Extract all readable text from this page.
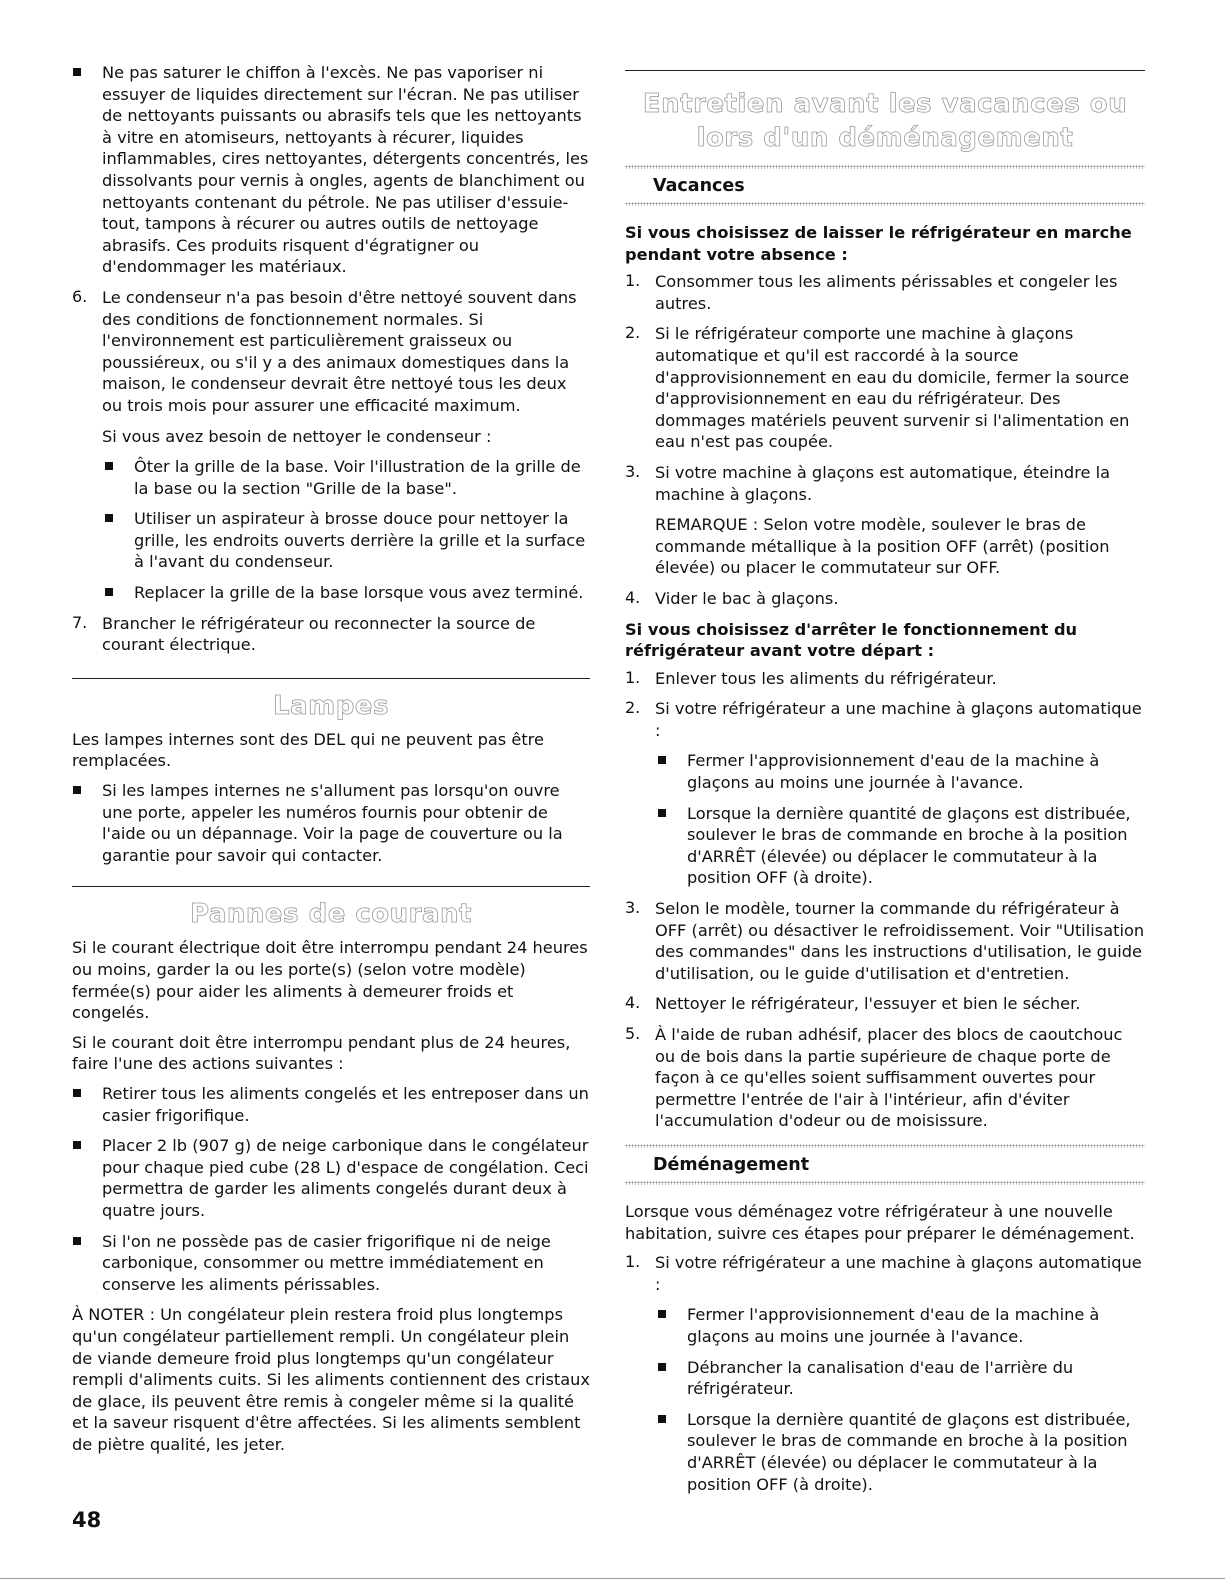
Ne pas saturer le chiffon à l'excès. Ne pas vaporiser ni essuyer de liquides directement sur l'écran. Ne pas utiliser de nettoyants puissants ou abrasifs tels que les nettoyants à vitre en atomiseurs, nettoyants à récurer, liquides inflammables, cires nettoyantes, détergents concentrés, les dissolvants pour vernis à ongles, agents de blanchiment ou nettoyants contenant du pétrole. Ne pas utiliser d'essuie-tout, tampons à récurer ou autres outils de nettoyage abrasifs. Ces produits risquent d'égratigner ou d'endommager les matériaux.

6. Le condenseur n'a pas besoin d'être nettoyé souvent dans des conditions de fonctionnement normales. Si l'environnement est particulièrement graisseux ou poussiéreux, ou s'il y a des animaux domestiques dans la maison, le condenseur devrait être nettoyé tous les deux ou trois mois pour assurer une efficacité maximum.

Si vous avez besoin de nettoyer le condenseur :

Ôter la grille de la base. Voir l'illustration de la grille de la base ou la section "Grille de la base".

Utiliser un aspirateur à brosse douce pour nettoyer la grille, les endroits ouverts derrière la grille et la surface à l'avant du condenseur.

Replacer la grille de la base lorsque vous avez terminé.

7. Brancher le réfrigérateur ou reconnecter la source de courant électrique.

Lampes

Les lampes internes sont des DEL qui ne peuvent pas être remplacées.

Si les lampes internes ne s'allument pas lorsqu'on ouvre une porte, appeler les numéros fournis pour obtenir de l'aide ou un dépannage. Voir la page de couverture ou la garantie pour savoir qui contacter.

Pannes de courant

Si le courant électrique doit être interrompu pendant 24 heures ou moins, garder la ou les porte(s) (selon votre modèle) fermée(s) pour aider les aliments à demeurer froids et congelés.

Si le courant doit être interrompu pendant plus de 24 heures, faire l'une des actions suivantes :

Retirer tous les aliments congelés et les entreposer dans un casier frigorifique.

Placer 2 lb (907 g) de neige carbonique dans le congélateur pour chaque pied cube (28 L) d'espace de congélation. Ceci permettra de garder les aliments congelés durant deux à quatre jours.

Si l'on ne possède pas de casier frigorifique ni de neige carbonique, consommer ou mettre immédiatement en conserve les aliments périssables.

À NOTER : Un congélateur plein restera froid plus longtemps qu'un congélateur partiellement rempli. Un congélateur plein de viande demeure froid plus longtemps qu'un congélateur rempli d'aliments cuits. Si les aliments contiennent des cristaux de glace, ils peuvent être remis à congeler même si la qualité et la saveur risquent d'être affectées. Si les aliments semblent de piètre qualité, les jeter.

Entretien avant les vacances ou
lors d'un déménagement
Vacances

Si vous choisissez de laisser le réfrigérateur en marche pendant votre absence :

1. Consommer tous les aliments périssables et congeler les autres.

2. Si le réfrigérateur comporte une machine à glaçons automatique et qu'il est raccordé à la source d'approvisionnement en eau du domicile, fermer la source d'approvisionnement en eau du réfrigérateur. Des dommages matériels peuvent survenir si l'alimentation en eau n'est pas coupée.

3. Si votre machine à glaçons est automatique, éteindre la machine à glaçons.

REMARQUE : Selon votre modèle, soulever le bras de commande métallique à la position OFF (arrêt) (position élevée) ou placer le commutateur sur OFF.

4. Vider le bac à glaçons.

Si vous choisissez d'arrêter le fonctionnement du réfrigérateur avant votre départ :

1. Enlever tous les aliments du réfrigérateur.

2. Si votre réfrigérateur a une machine à glaçons automatique :

Fermer l'approvisionnement d'eau de la machine à glaçons au moins une journée à l'avance.

Lorsque la dernière quantité de glaçons est distribuée, soulever le bras de commande en broche à la position d'ARRÊT (élevée) ou déplacer le commutateur à la position OFF (à droite).

3. Selon le modèle, tourner la commande du réfrigérateur à OFF (arrêt) ou désactiver le refroidissement. Voir "Utilisation des commandes" dans les instructions d'utilisation, le guide d'utilisation, ou le guide d'utilisation et d'entretien.

4. Nettoyer le réfrigérateur, l'essuyer et bien le sécher.

5. À l'aide de ruban adhésif, placer des blocs de caoutchouc ou de bois dans la partie supérieure de chaque porte de façon à ce qu'elles soient suffisamment ouvertes pour permettre l'entrée de l'air à l'intérieur, afin d'éviter l'accumulation d'odeur ou de moisissure.

Déménagement

Lorsque vous déménagez votre réfrigérateur à une nouvelle habitation, suivre ces étapes pour préparer le déménagement.

1. Si votre réfrigérateur a une machine à glaçons automatique :

Fermer l'approvisionnement d'eau de la machine à glaçons au moins une journée à l'avance.

Débrancher la canalisation d'eau de l'arrière du réfrigérateur.

Lorsque la dernière quantité de glaçons est distribuée, soulever le bras de commande en broche à la position d'ARRÊT (élevée) ou déplacer le commutateur à la position OFF (à droite).

48
